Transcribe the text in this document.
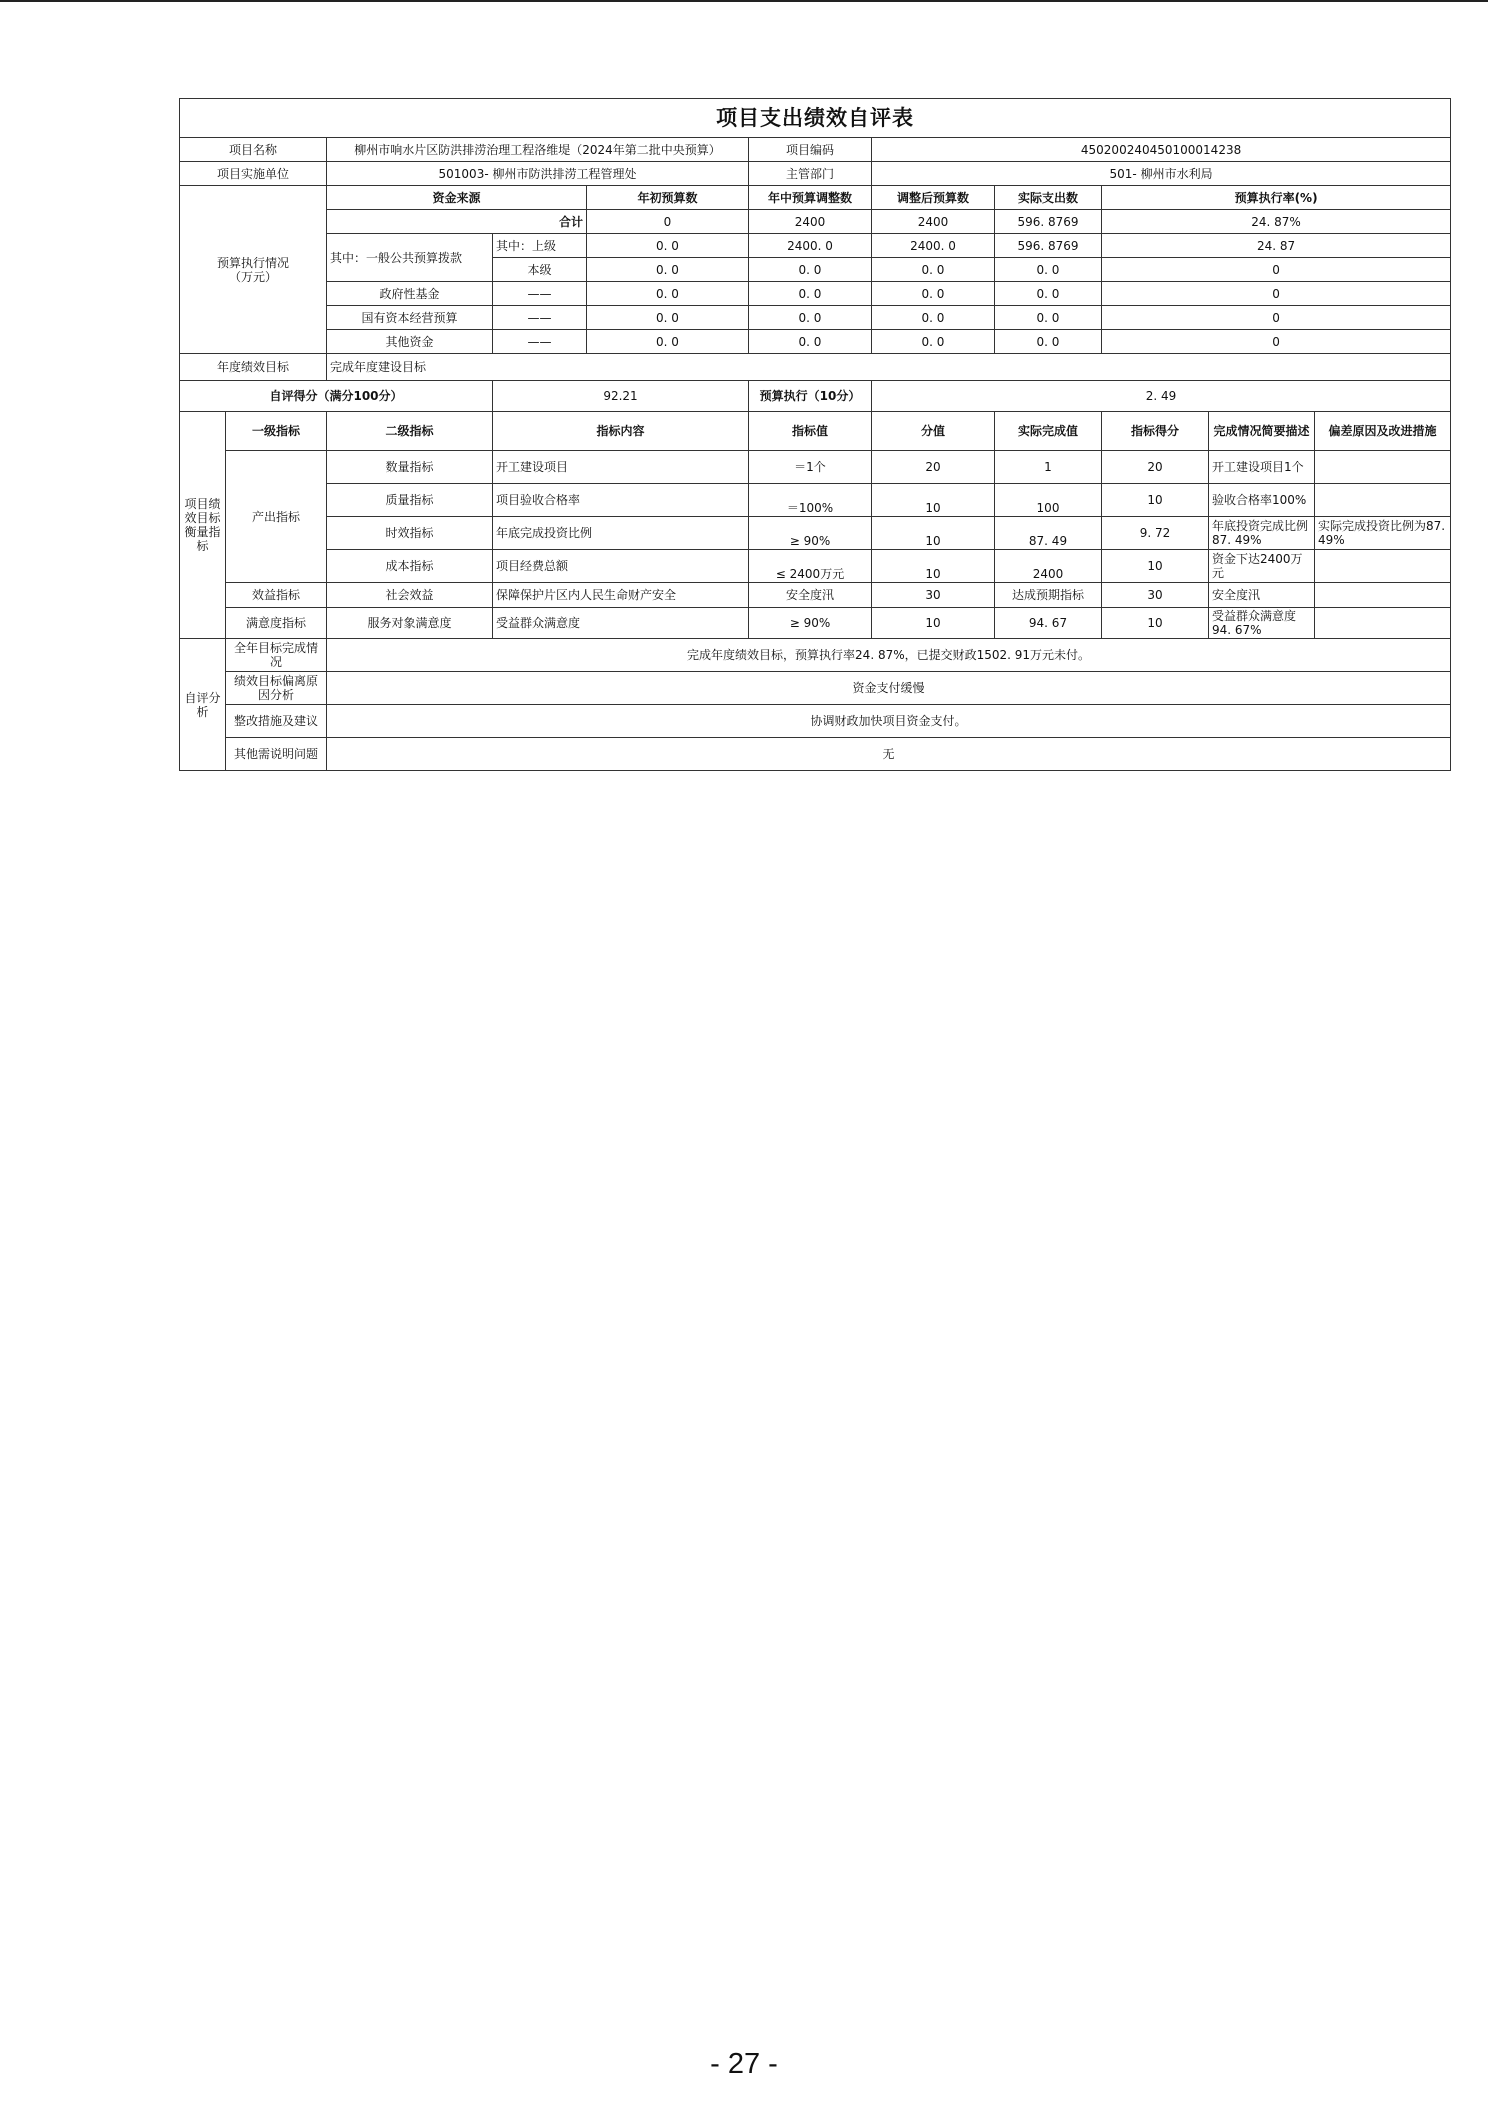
项目支出绩效自评表										
项目名称		柳州市响水片区防洪排涝治理工程洛维堤（2024年第二批中央预算）			项目编码	450200240450100014238				
项目实施单位		501003- 柳州市防洪排涝工程管理处			主管部门	501- 柳州市水利局				
预算执行情况（万元）		资金来源		年初预算数	年中预算调整数	调整后预算数	实际支出数	预算执行率(%)		
		合计		0	2400	2400	596. 8769	24. 87%		
		其中：一般公共预算拨款	其中：上级	0. 0	2400. 0	2400. 0	596. 8769	24. 87		
			本级	0. 0	0. 0	0. 0	0. 0	0		
		政府性基金	——	0. 0	0. 0	0. 0	0. 0	0		
		国有资本经营预算	——	0. 0	0. 0	0. 0	0. 0	0		
		其他资金	——	0. 0	0. 0	0. 0	0. 0	0		
年度绩效目标		完成年度建设目标								
自评得分（满分100分）			92.21		预算执行（10分）	2. 49				
项目绩效目标衡量指标	一级指标	二级指标	指标内容		指标值	分值	实际完成值	指标得分	完成情况简要描述	偏差原因及改进措施
	产出指标	数量指标	开工建设项目		＝1个	20	1	20	开工建设项目1个	
		质量指标	项目验收合格率		＝100%	10	100	10	验收合格率100%	
		时效指标	年底完成投资比例		≥ 90%	10	87. 49	9. 72	年底投资完成比例87. 49%	实际完成投资比例为87. 49%
		成本指标	项目经费总额		≤ 2400万元	10	2400	10	资金下达2400万元	
	效益指标	社会效益	保障保护片区内人民生命财产安全		安全度汛	30	达成预期指标	30	安全度汛	
	满意度指标	服务对象满意度	受益群众满意度		≥ 90%	10	94. 67	10	受益群众满意度94. 67%	
自评分析	全年目标完成情况	完成年度绩效目标，预算执行率24. 87%，已提交财政1502. 91万元未付。								
	绩效目标偏离原因分析	资金支付缓慢								
	整改措施及建议	协调财政加快项目资金支付。								
	其他需说明问题	无								
- 27 -
